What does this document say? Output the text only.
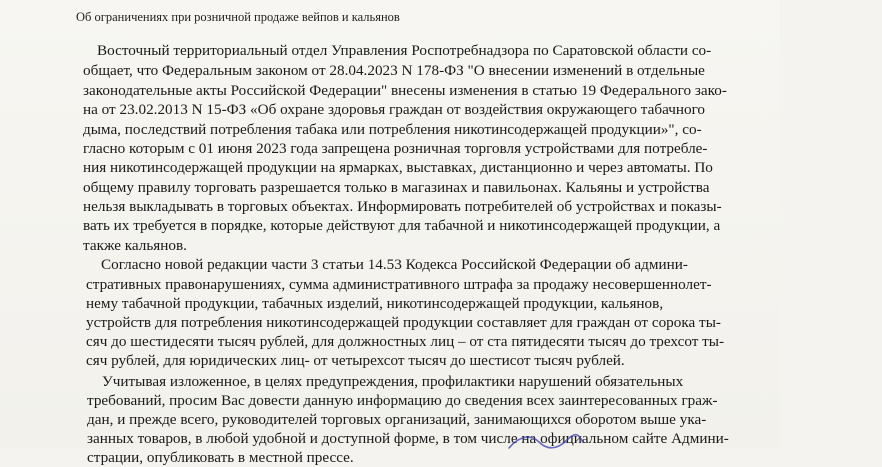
Об ограничениях при розничной продаже вейпов и кальянов
Восточный территориальный отдел Управления Роспотребнадзора по Саратовской области со-
общает, что Федеральным законом от 28.04.2023 N 178-ФЗ "О внесении изменений в отдельные
законодательные акты Российской Федерации" внесены изменения в статью 19 Федерального зако-
на от 23.02.2013 N 15-ФЗ «Об охране здоровья граждан от воздействия окружающего табачного
дыма, последствий потребления табака или потребления никотинсодержащей продукции»", со-
гласно которым с 01 июня 2023 года запрещена розничная торговля устройствами для потребле-
ния никотинсодержащей продукции на ярмарках, выставках, дистанционно и через автоматы. По
общему правилу торговать разрешается только в магазинах и павильонах. Кальяны и устройства
нельзя выкладывать в торговых объектах. Информировать потребителей об устройствах и показы-
вать их требуется в порядке, которые действуют для табачной и никотинсодержащей продукции, а
также кальянов.
Согласно новой редакции части 3 статьи 14.53 Кодекса Российской Федерации об админи-
стративных правонарушениях, сумма административного штрафа за продажу несовершеннолет-
нему табачной продукции, табачных изделий, никотинсодержащей продукции, кальянов,
устройств для потребления никотинсодержащей продукции составляет для граждан от сорока ты-
сяч до шестидесяти тысяч рублей, для должностных лиц – от ста пятидесяти тысяч до трехсот ты-
сяч рублей, для юридических лиц- от четырехсот тысяч до шестисот тысяч рублей.
Учитывая изложенное, в целях предупреждения, профилактики нарушений обязательных
требований, просим Вас довести данную информацию до сведения всех заинтересованных граж-
дан, и прежде всего, руководителей торговых организаций, занимающихся оборотом выше ука-
занных товаров, в любой удобной и доступной форме, в том числе на официальном сайте Админи-
страции, опубликовать в местной прессе.
